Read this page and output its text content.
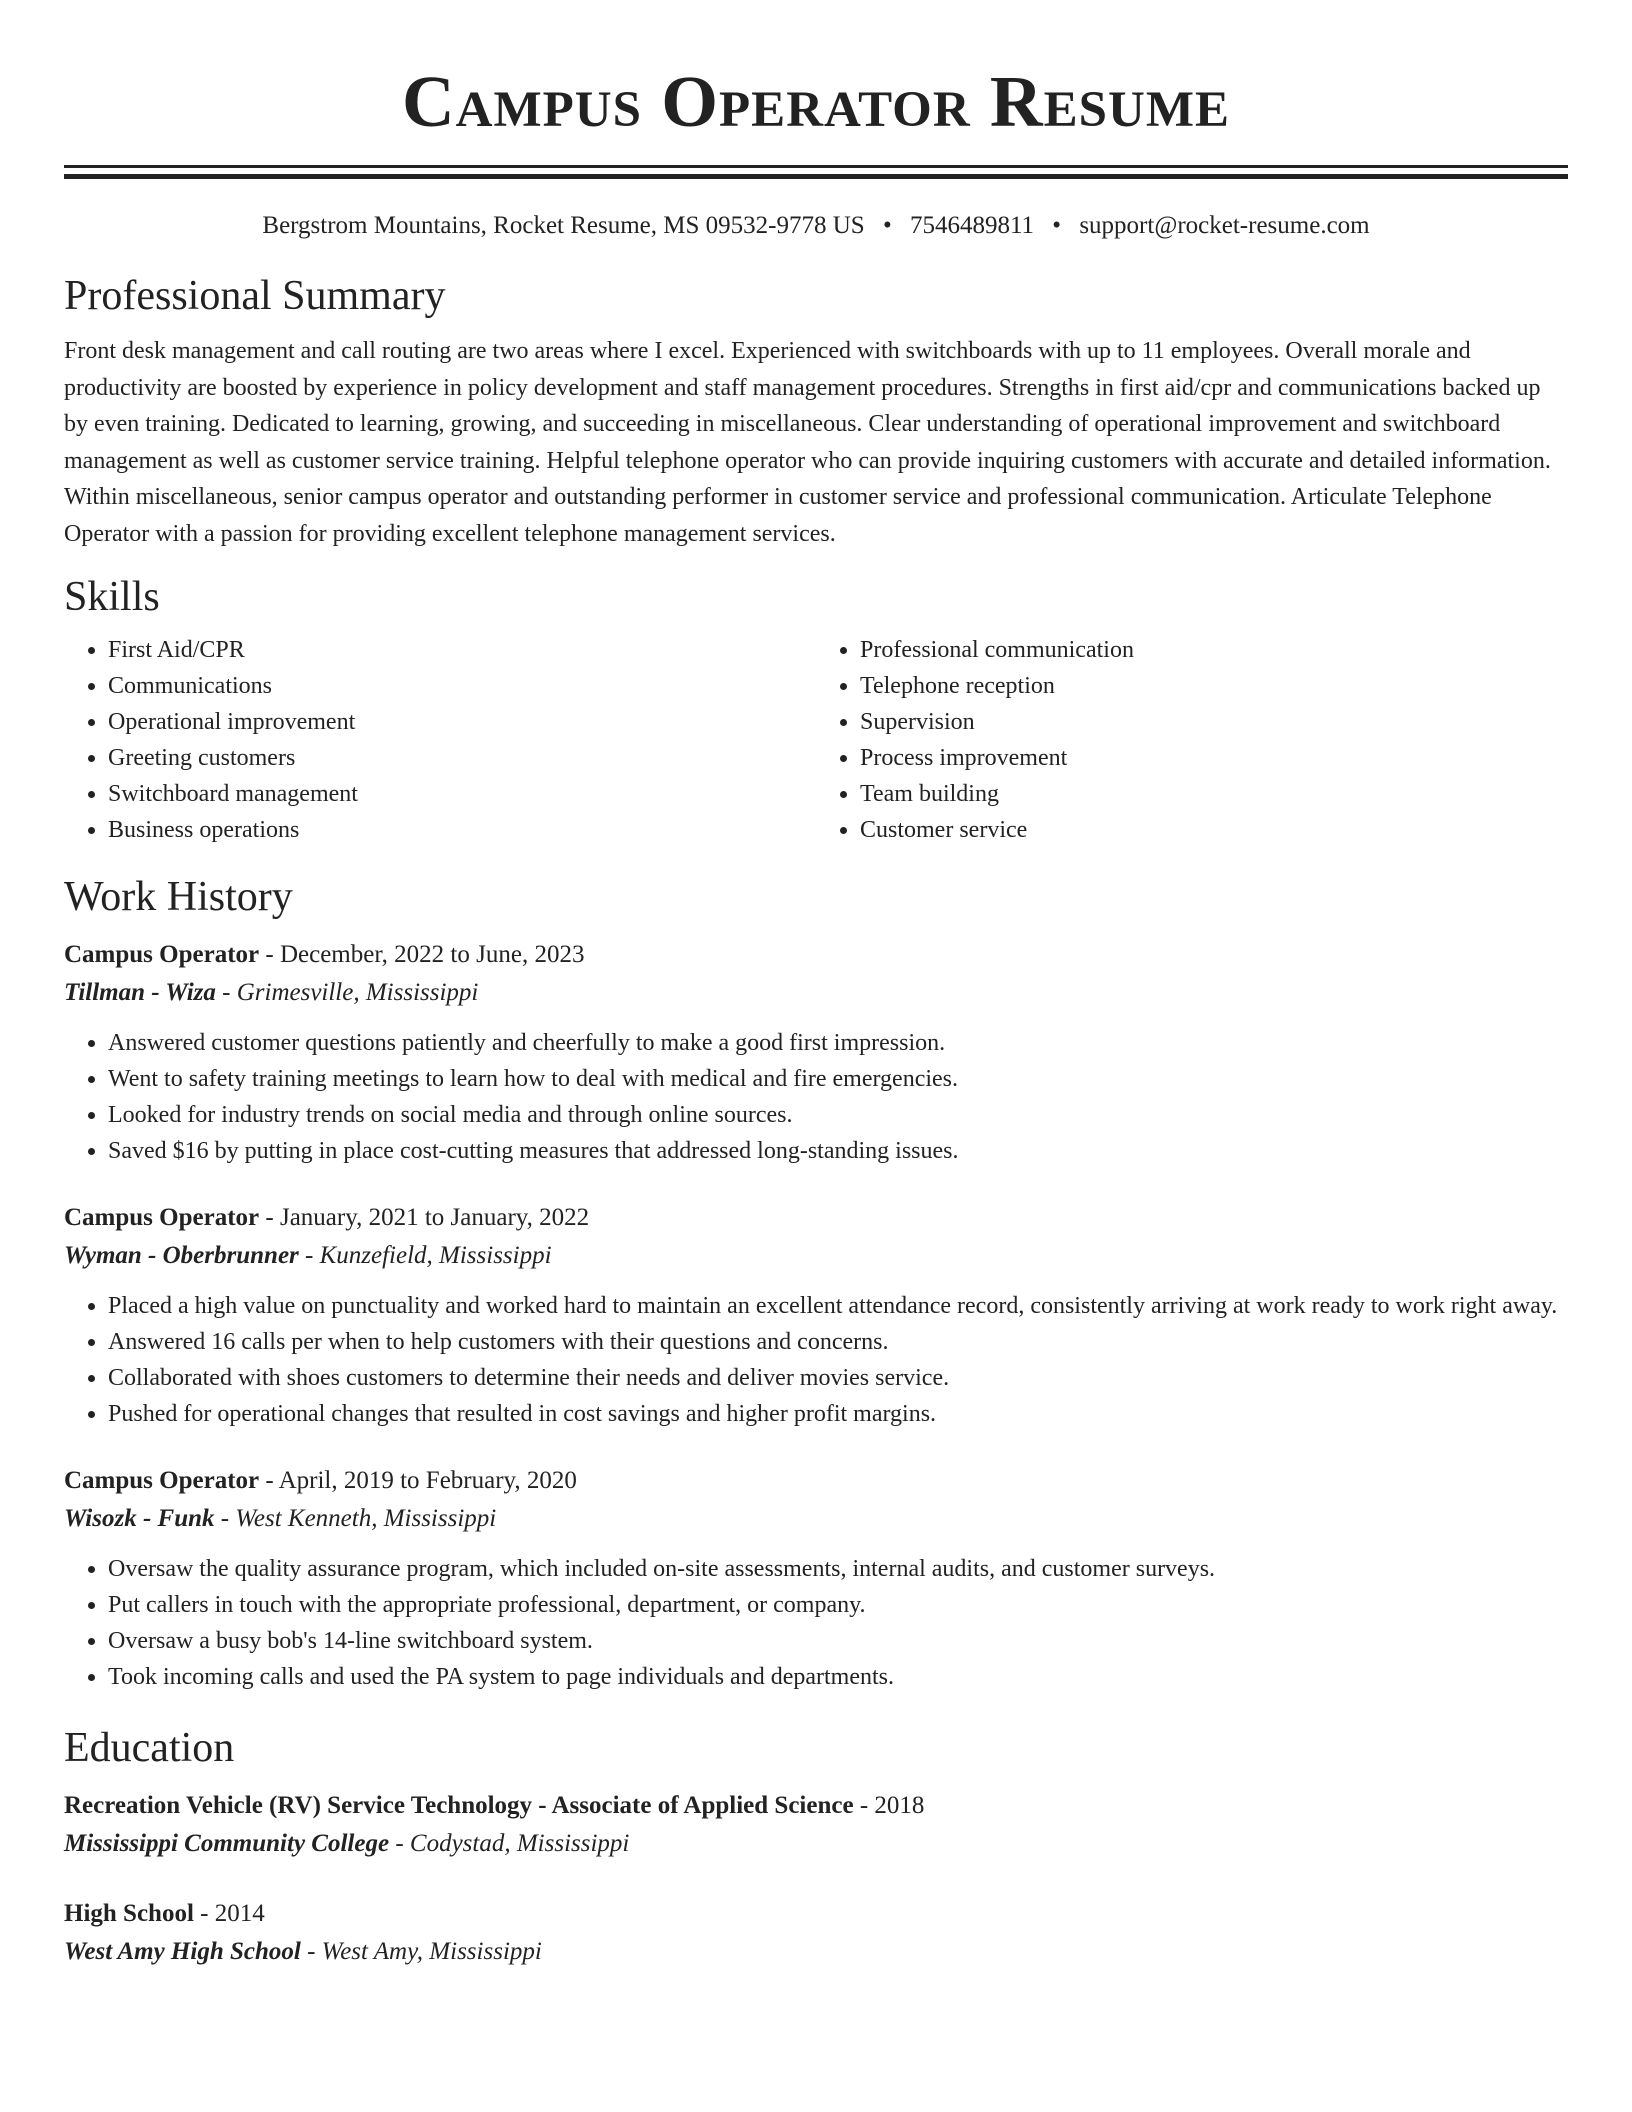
Campus Operator Resume
Bergstrom Mountains, Rocket Resume, MS 09532-9778 US • 7546489811 • support@rocket-resume.com
Professional Summary

Front desk management and call routing are two areas where I excel. Experienced with switchboards with up to 11 employees. Overall morale and productivity are boosted by experience in policy development and staff management procedures. Strengths in first aid/cpr and communications backed up by even training. Dedicated to learning, growing, and succeeding in miscellaneous. Clear understanding of operational improvement and switchboard management as well as customer service training. Helpful telephone operator who can provide inquiring customers with accurate and detailed information. Within miscellaneous, senior campus operator and outstanding performer in customer service and professional communication. Articulate Telephone Operator with a passion for providing excellent telephone management services.

Skills
• First Aid/CPR
• Communications
• Operational improvement
• Greeting customers
• Switchboard management
• Business operations
• Professional communication
• Telephone reception
• Supervision
• Process improvement
• Team building
• Customer service
Work History
Campus Operator - December, 2022 to June, 2023
Tillman - Wiza - Grimesville, Mississippi
• Answered customer questions patiently and cheerfully to make a good first impression.
• Went to safety training meetings to learn how to deal with medical and fire emergencies.
• Looked for industry trends on social media and through online sources.
• Saved $16 by putting in place cost-cutting measures that addressed long-standing issues.
Campus Operator - January, 2021 to January, 2022
Wyman - Oberbrunner - Kunzefield, Mississippi
• Placed a high value on punctuality and worked hard to maintain an excellent attendance record, consistently arriving at work ready to work right away.
• Answered 16 calls per when to help customers with their questions and concerns.
• Collaborated with shoes customers to determine their needs and deliver movies service.
• Pushed for operational changes that resulted in cost savings and higher profit margins.
Campus Operator - April, 2019 to February, 2020
Wisozk - Funk - West Kenneth, Mississippi
• Oversaw the quality assurance program, which included on-site assessments, internal audits, and customer surveys.
• Put callers in touch with the appropriate professional, department, or company.
• Oversaw a busy bob's 14-line switchboard system.
• Took incoming calls and used the PA system to page individuals and departments.
Education
Recreation Vehicle (RV) Service Technology - Associate of Applied Science - 2018
Mississippi Community College - Codystad, Mississippi
High School - 2014
West Amy High School - West Amy, Mississippi
